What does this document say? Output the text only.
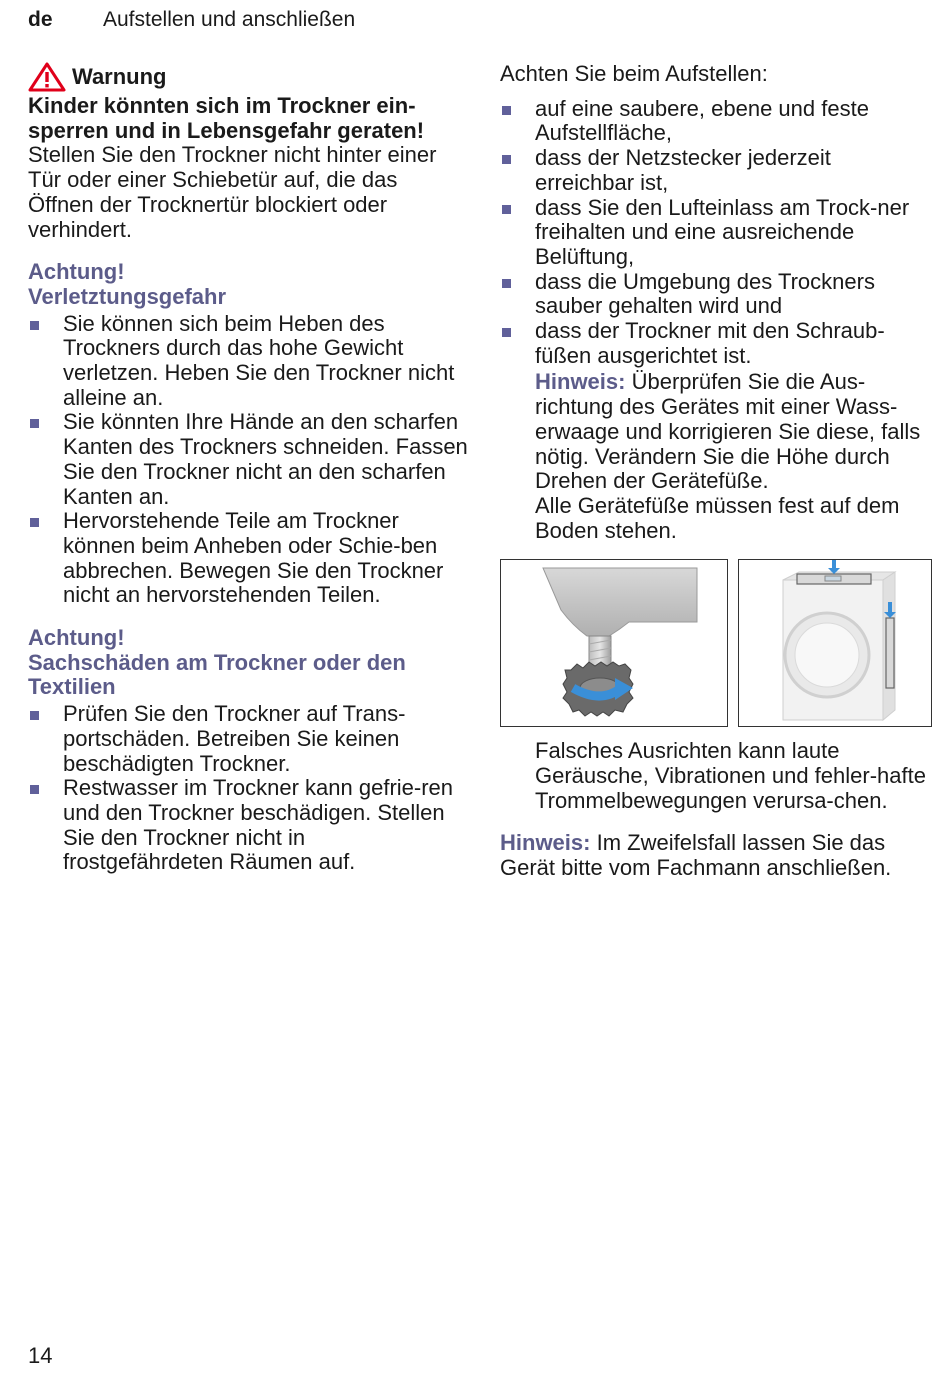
de Aufstellen und anschließen
Warnung
Kinder könnten sich im Trockner ein-
sperren und in Lebensgefahr geraten!
Stellen Sie den Trockner nicht hinter einer Tür oder einer Schiebetür auf, die das Öffnen der Trocknertür blockiert oder verhindert.
Achtung!
Verletztungsgefahr
Sie können sich beim Heben des Trockners durch das hohe Gewicht verletzen. Heben Sie den Trockner nicht alleine an.
Sie könnten Ihre Hände an den scharfen Kanten des Trockners schneiden. Fassen Sie den Trockner nicht an den scharfen Kanten an.
Hervorstehende Teile am Trockner können beim Anheben oder Schie-ben abbrechen. Bewegen Sie den Trockner nicht an hervorstehenden Teilen.
Achtung!
Sachschäden am Trockner oder den Textilien
Prüfen Sie den Trockner auf Trans-portschäden. Betreiben Sie keinen beschädigten Trockner.
Restwasser im Trockner kann gefrie-ren und den Trockner beschädigen. Stellen Sie den Trockner nicht in frostgefährdeten Räumen auf.
Achten Sie beim Aufstellen:
auf eine saubere, ebene und feste Aufstellfläche,
dass der Netzstecker jederzeit erreichbar ist,
dass Sie den Lufteinlass am Trock-ner freihalten und eine ausreichende Belüftung,
dass die Umgebung des Trockners sauber gehalten wird und
dass der Trockner mit den Schraub-füßen ausgerichtet ist.
Hinweis: Überprüfen Sie die Aus-richtung des Gerätes mit einer Wass-erwaage und korrigieren Sie diese, falls nötig. Verändern Sie die Höhe durch Drehen der Gerätefüße.
Alle Gerätefüße müssen fest auf dem Boden stehen.
Falsches Ausrichten kann laute Geräusche, Vibrationen und fehler-hafte Trommelbewegungen verursa-chen.
Hinweis: Im Zweifelsfall lassen Sie das Gerät bitte vom Fachmann anschließen.
14
